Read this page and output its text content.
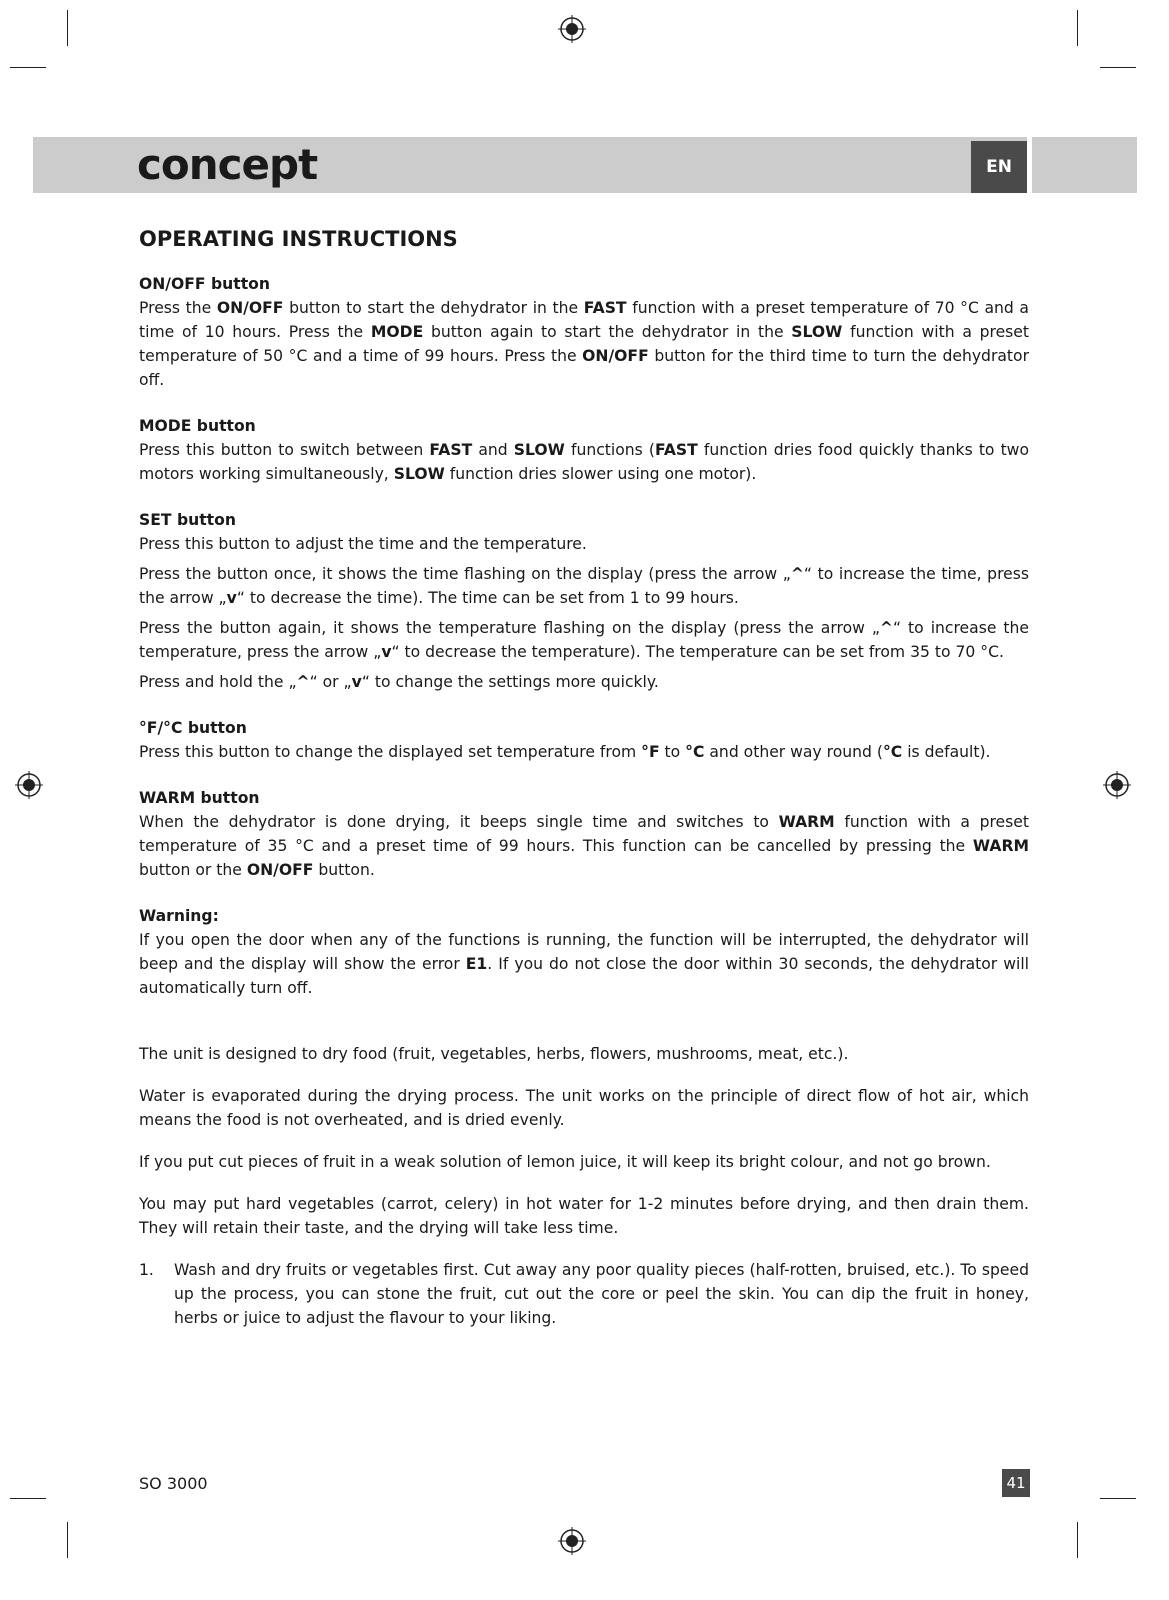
concept	EN
OPERATING INSTRUCTIONS

ON/OFF button

Press the ON/OFF button to start the dehydrator in the FAST function with a preset temperature of 70 °C and a time of 10 hours. Press the MODE button again to start the dehydrator in the SLOW function with a preset temperature of 50 °C and a time of 99 hours. Press the ON/OFF button for the third time to turn the dehydrator off.

MODE button

Press this button to switch between FAST and SLOW functions (FAST function dries food quickly thanks to two motors working simultaneously, SLOW function dries slower using one motor).

SET button

Press this button to adjust the time and the temperature.

Press the button once, it shows the time flashing on the display (press the arrow „^“ to increase the time, press the arrow „v“ to decrease the time). The time can be set from 1 to 99 hours.

Press the button again, it shows the temperature flashing on the display (press the arrow „^“ to increase the temperature, press the arrow „v“ to decrease the temperature). The temperature can be set from 35 to 70 °C.

Press and hold the „^“ or „v“ to change the settings more quickly.

°F/°C button

Press this button to change the displayed set temperature from °F to °C and other way round (°C is default).

WARM button

When the dehydrator is done drying, it beeps single time and switches to WARM function with a preset temperature of 35 °C and a preset time of 99 hours. This function can be cancelled by pressing the WARM button or the ON/OFF button.

Warning:

If you open the door when any of the functions is running, the function will be interrupted, the dehydrator will beep and the display will show the error E1. If you do not close the door within 30 seconds, the dehydrator will automatically turn off.

The unit is designed to dry food (fruit, vegetables, herbs, flowers, mushrooms, meat, etc.).

Water is evaporated during the drying process. The unit works on the principle of direct flow of hot air, which means the food is not overheated, and is dried evenly.

If you put cut pieces of fruit in a weak solution of lemon juice, it will keep its bright colour, and not go brown.

You may put hard vegetables (carrot, celery) in hot water for 1-2 minutes before drying, and then drain them. They will retain their taste, and the drying will take less time.

1.	Wash and dry fruits or vegetables first. Cut away any poor quality pieces (half-rotten, bruised, etc.). To speed up the process, you can stone the fruit, cut out the core or peel the skin. You can dip the fruit in honey, herbs or juice to adjust the flavour to your liking.

SO 3000	41
